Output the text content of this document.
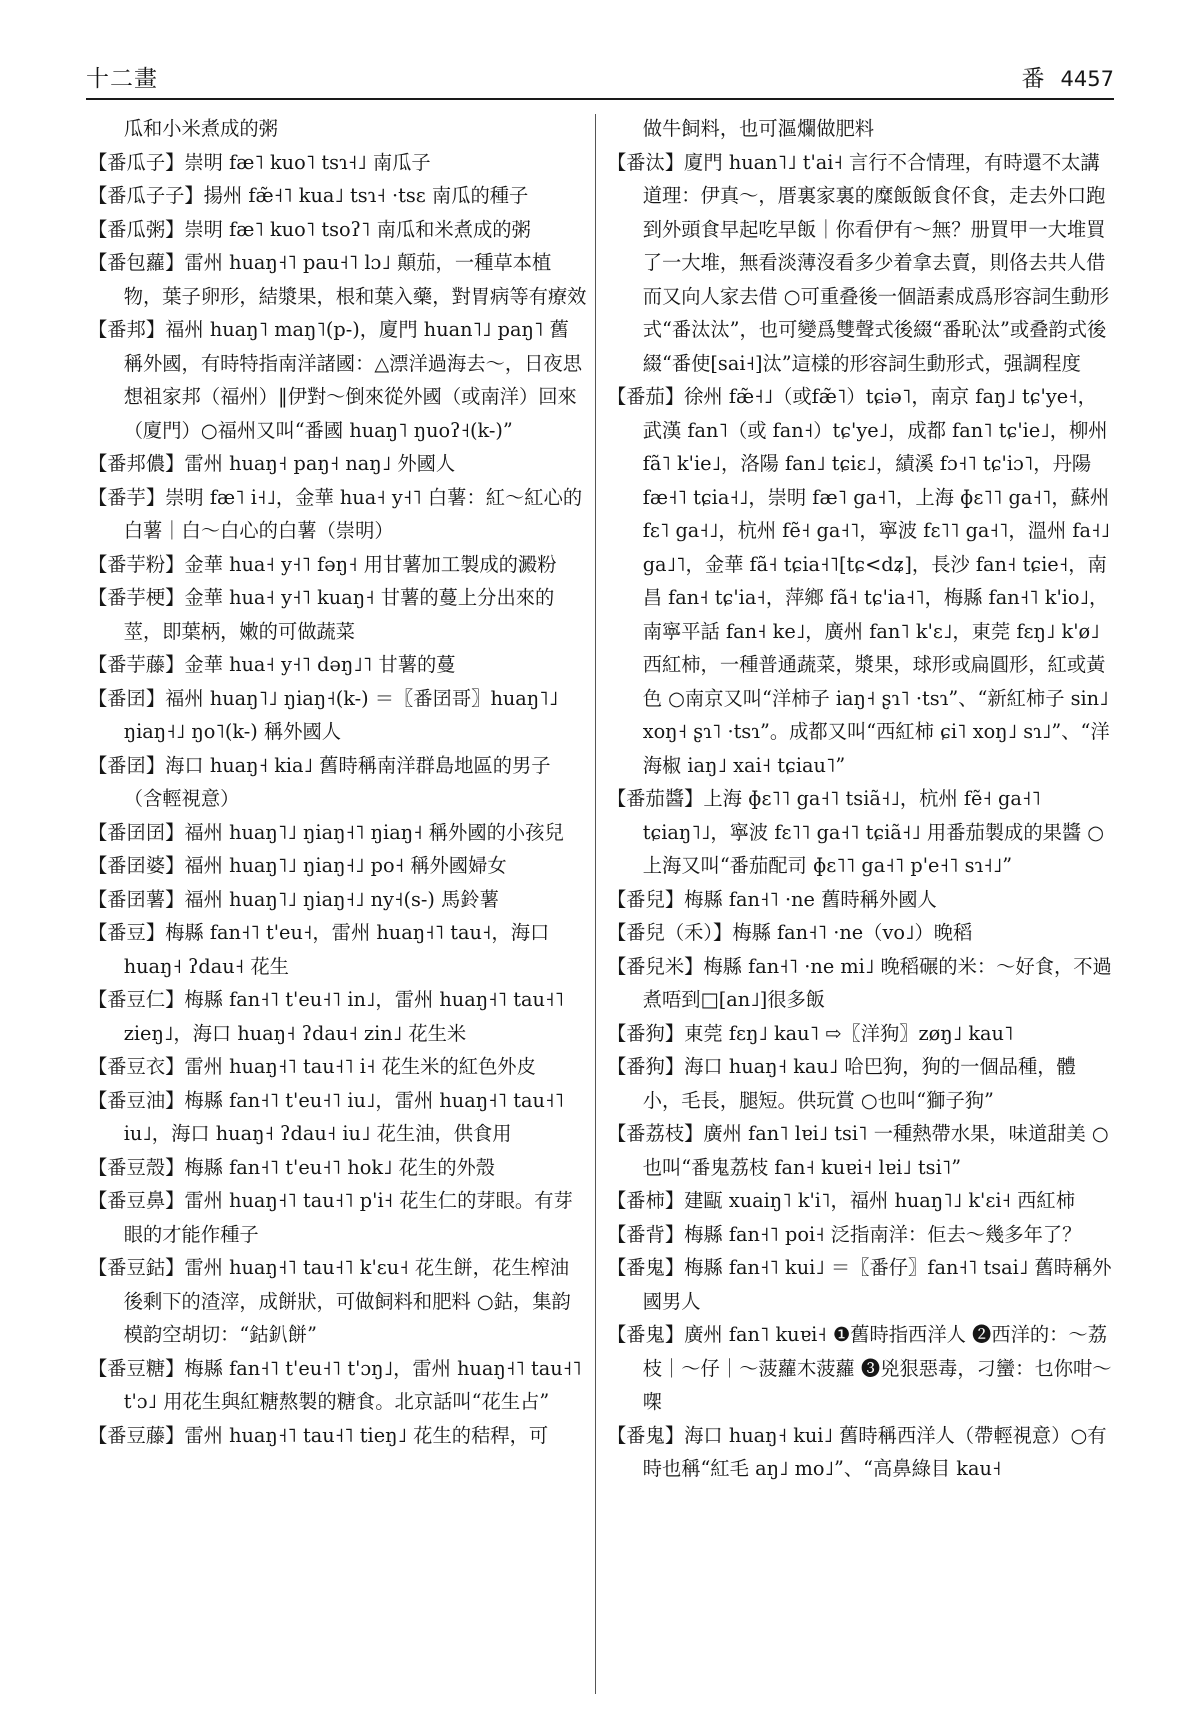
十二畫	番 4457

瓜和小米煮成的粥

【番瓜子】崇明 fæ˥ kuo˥ tsɿ˧˩ 南瓜子

【番瓜子子】揚州 fæ̃˧˥ kua˩ tsɿ˧ ·tsɛ 南瓜的種子

【番瓜粥】崇明 fæ˥ kuo˥ tsoʔ˥ 南瓜和米煮成的粥

【番包蘿】雷州 huaŋ˧˥ pau˧˥ lɔ˩ 顛茄，一種草本植物，葉子卵形，結漿果，根和葉入藥，對胃病等有療效

【番邦】福州 huaŋ˥ maŋ˥(p-)，廈門 huan˥˩ paŋ˥ 舊稱外國，有時特指南洋諸國：△漂洋過海去～，日夜思想祖家邦（福州）‖伊對～倒來從外國（或南洋）回來（廈門）○福州又叫“番國 huaŋ˥ ŋuoʔ˧(k-)”

【番邦儂】雷州 huaŋ˧ paŋ˧ naŋ˩ 外國人

【番芋】崇明 fæ˥ i˧˩，金華 hua˧ y˧˥ 白薯：紅～紅心的白薯｜白～白心的白薯（崇明）

【番芋粉】金華 hua˧ y˧˥ fəŋ˧ 用甘薯加工製成的澱粉

【番芋梗】金華 hua˧ y˧˥ kuaŋ˧ 甘薯的蔓上分出來的莖，即葉柄，嫩的可做蔬菜

【番芋藤】金華 hua˧ y˧˥ dəŋ˩˥ 甘薯的蔓

【番囝】福州 huaŋ˥˩ ŋiaŋ˧(k-) ＝〖番囝哥〗huaŋ˥˩ ŋiaŋ˧˩ ŋo˥(k-) 稱外國人

【番囝】海口 huaŋ˧ kia˩ 舊時稱南洋群島地區的男子（含輕視意）

【番囝囝】福州 huaŋ˥˩ ŋiaŋ˧˥ ŋiaŋ˧ 稱外國的小孩兒

【番囝婆】福州 huaŋ˥˩ ŋiaŋ˧˩ po˧ 稱外國婦女

【番囝薯】福州 huaŋ˥˩ ŋiaŋ˧˩ ny˧(s-) 馬鈴薯

【番豆】梅縣 fan˧˥ t'eu˧，雷州 huaŋ˧˥ tau˧，海口 huaŋ˧ ʔdau˧ 花生

【番豆仁】梅縣 fan˧˥ t'eu˧˥ in˩，雷州 huaŋ˧˥ tau˧˥ zieŋ˩，海口 huaŋ˧ ʔdau˧ zin˩ 花生米

【番豆衣】雷州 huaŋ˧˥ tau˧˥ i˧ 花生米的紅色外皮

【番豆油】梅縣 fan˧˥ t'eu˧˥ iu˩，雷州 huaŋ˧˥ tau˧˥ iu˩，海口 huaŋ˧ ʔdau˧ iu˩ 花生油，供食用

【番豆殼】梅縣 fan˧˥ t'eu˧˥ hok˩ 花生的外殼

【番豆鼻】雷州 huaŋ˧˥ tau˧˥ p'i˧ 花生仁的芽眼。有芽眼的才能作種子

【番豆鈷】雷州 huaŋ˧˥ tau˧˥ k'ɛu˧ 花生餅，花生榨油後剩下的渣滓，成餅狀，可做飼料和肥料 ○鈷，集韵模韵空胡切：“鈷釟餅”

【番豆糖】梅縣 fan˧˥ t'eu˧˥ t'ɔŋ˩，雷州 huaŋ˧˥ tau˧˥ t'ɔ˩ 用花生與紅糖熬製的糖食。北京話叫“花生占”

【番豆藤】雷州 huaŋ˧˥ tau˧˥ tieŋ˩ 花生的秸稈，可

做牛飼料，也可漚爛做肥料

【番汰】廈門 huan˥˩ t'ai˧ 言行不合情理，有時還不太講道理：伊真～，厝裏家裏的糜飯飯食伓食，走去外口跑到外頭食早起吃早飯｜你看伊有～無？册買甲一大堆買了一大堆，無看淡薄沒看多少着拿去賣，則佫去共人借而又向人家去借 ○可重叠後一個語素成爲形容詞生動形式“番汰汰”，也可變爲雙聲式後綴“番恥汰”或叠韵式後綴“番使[sai˧]汰”這樣的形容詞生動形式，强調程度

【番茄】徐州 fæ̃˧˩（或fæ̃˥）tɕiə˥，南京 faŋ˩ tɕ'ye˧，武漢 fan˥（或 fan˧）tɕ'ye˩，成都 fan˥ tɕ'ie˩，柳州 fã˥ k'ie˩，洛陽 fan˩ tɕiɛ˩，績溪 fɔ˧˥ tɕ'iɔ˥，丹陽 fæ˧˥ tɕia˧˩，崇明 fæ˥ ga˧˥，上海 ɸɛ˥˥ ga˧˥，蘇州 fɛ˥ ga˧˩，杭州 fẽ˧ ga˧˥，寧波 fɛ˥˥ ga˧˥，溫州 fa˧˩ ga˩˥，金華 fã˧ tɕia˧˥[tɕ<dʑ]，長沙 fan˧ tɕie˧，南昌 fan˧ tɕ'ia˧，萍鄉 fã˧ tɕ'ia˧˥，梅縣 fan˧˥ k'io˩，南寧平話 fan˧ ke˩，廣州 fan˥ k'ɛ˩，東莞 fɛŋ˩ k'ø˩ 西紅柿，一種普通蔬菜，漿果，球形或扁圓形，紅或黃色 ○南京又叫“洋柿子 iaŋ˧ ʂɿ˥ ·tsɿ”、“新紅柿子 sin˩ xoŋ˧ ʂɿ˥ ·tsɿ”。成都又叫“西紅柿 ɕi˥ xoŋ˩ sɿ˩”、“洋海椒 iaŋ˩ xai˧ tɕiau˥”

【番茄醬】上海 ɸɛ˥˥ ga˧˥ tsiã˧˩，杭州 fẽ˧ ga˧˥ tɕiaŋ˥˩，寧波 fɛ˥˥ ga˧˥ tɕiã˧˩ 用番茄製成的果醬 ○上海又叫“番茄配司 ɸɛ˥˥ ga˧˥ p'e˧˥ sɿ˧˩”

【番兒】梅縣 fan˧˥ ·ne 舊時稱外國人

【番兒（禾）】梅縣 fan˧˥ ·ne（vo˩）晚稻

【番兒米】梅縣 fan˧˥ ·ne mi˩ 晚稻碾的米：～好食，不過煮唔到□[an˩]很多飯

【番狗】東莞 fɛŋ˩ kau˥ ⇨〖洋狗〗zøŋ˩ kau˥

【番狗】海口 huaŋ˧ kau˩ 哈巴狗，狗的一個品種，體小，毛長，腿短。供玩賞 ○也叫“獅子狗”

【番荔枝】廣州 fan˥ lɐi˩ tsi˥ 一種熱帶水果，味道甜美 ○也叫“番鬼荔枝 fan˧ kuɐi˧ lɐi˩ tsi˥”

【番柿】建甌 xuaiŋ˥ k'i˥，福州 huaŋ˥˩ k'ɛi˧ 西紅柿

【番背】梅縣 fan˧˥ poi˧ 泛指南洋：佢去～幾多年了？

【番鬼】梅縣 fan˧˥ kui˩ ＝〖番仔〗fan˧˥ tsai˩ 舊時稱外國男人

【番鬼】廣州 fan˥ kuɐi˧ ❶舊時指西洋人 ❷西洋的：～荔枝｜～仔｜～菠蘿木菠蘿 ❸兇狠惡毒，刁蠻：乜你咁～㗎

【番鬼】海口 huaŋ˧ kui˩ 舊時稱西洋人（帶輕視意）○有時也稱“紅毛 aŋ˩ mo˩”、“高鼻綠目 kau˧
